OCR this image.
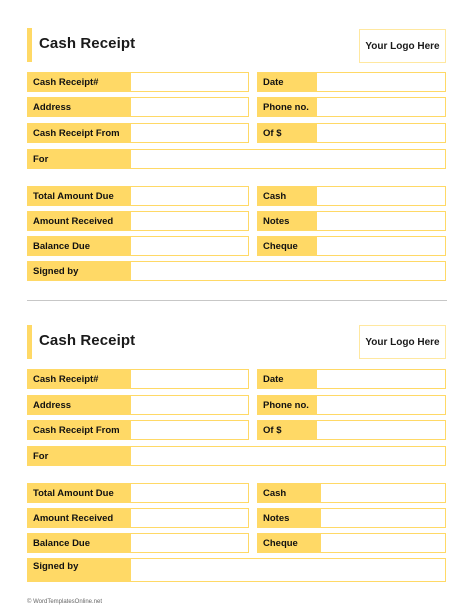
Cash Receipt	Your Logo Here
Cash Receipt#	Date
Address	Phone no.
Cash Receipt From	Of $
For
Total Amount Due	Cash
Amount Received	Notes
Balance Due	Cheque
Signed by
Cash Receipt	Your Logo Here
Cash Receipt#	Date
Address	Phone no.
Cash Receipt From	Of $
For
Total Amount Due	Cash
Amount Received	Notes
Balance Due	Cheque
Signed by
© WordTemplatesOnline.net
